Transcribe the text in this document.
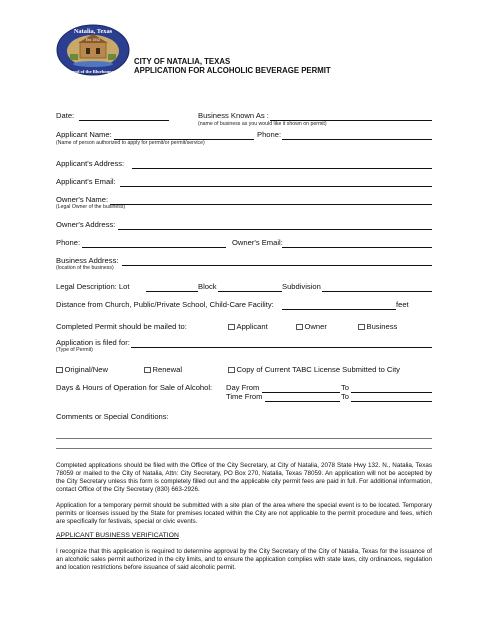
Natalia, Texas
Land of the Bluebonnets
Est. 1912
CITY OF NATALIA, TEXAS
APPLICATION FOR ALCOHOLIC BEVERAGE PERMIT
Date:	Business Known As :
(name of business as you would like it shown on permit)
Applicant Name:	Phone:
(Name of person authorized to apply for permit/or permit/service)
Applicant's Address:
Applicant's Email:
Owner's Name:
(Legal Owner of the business)
Owner's Address:
Phone:	Owner's Email:
Business Address:
(location of the business)
Legal Description: Lot	Block	Subdivision
Distance from Church, Public/Private School, Child-Care Facility:	feet
Completed Permit should be mailed to:	Applicant	Owner	Business
Application is filed for:
(Type of Permit)
Original/New	Renewal	Copy of Current TABC License Submitted to City
Days & Hours of Operation for Sale of Alcohol: Day From	To
Time From	To
Comments or Special Conditions:
Completed applications should be filed with the Office of the City Secretary, at City of Natalia, 2078 State Hwy 132. N., Natalia, Texas 78059 or mailed to the City of Natalia, Attn: City Secretary, PO Box 270, Natalia, Texas 78059. An application will not be accepted by the City Secretary unless this form is completely filled out and the applicable city permit fees are paid in full. For additional information, contact Office of the City Secretary (830) 663-2926.
Application for a temporary permit should be submitted with a site plan of the area where the special event is to be located. Temporary permits or licenses issued by the State for premises located within the City are not applicable to the permit procedure and fees, which are specifically for festivals, special or civic events.
APPLICANT BUSINESS VERIFICATION
I recognize that this application is required to determine approval by the City Secretary of the City of Natalia, Texas for the issuance of an alcoholic sales permit authorized in the city limits, and to ensure the application complies with state laws, city ordinances, regulation and location restrictions before issuance of said alcoholic permit.
